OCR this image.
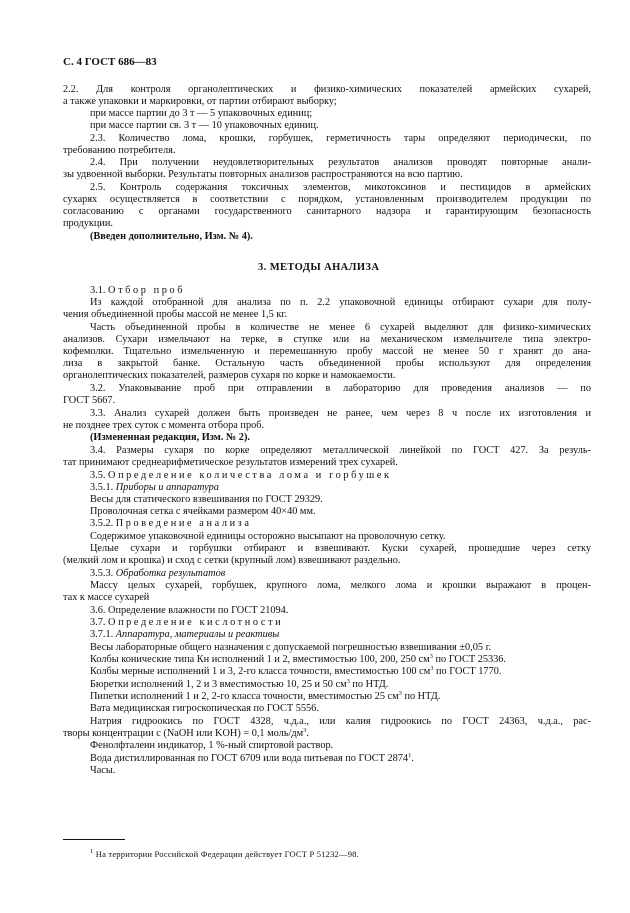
С. 4 ГОСТ 686—83
2.2. Для контроля органолептических и физико-химических показателей армейских сухарей,
а также упаковки и маркировки, от партии отбирают выборку;
при массе партии до 3 т — 5 упаковочных единиц;
при массе партии св. 3 т — 10 упаковочных единиц.
2.3. Количество лома, крошки, горбушек, герметичность тары определяют периодически, по
требованию потребителя.
2.4. При получении неудовлетворительных результатов анализов проводят повторные анали-
зы удвоенной выборки. Результаты повторных анализов распространяются на всю партию.
2.5. Контроль содержания токсичных элементов, микотоксинов и пестицидов в армейских
сухарях осуществляется в соответствии с порядком, установленным производителем продукции по
согласованию с органами государственного санитарного надзора и гарантирующим безопасность
продукции.
(Введен дополнительно, Изм. № 4).
3. МЕТОДЫ АНАЛИЗА
3.1. Отбор проб
Из каждой отобранной для анализа по п. 2.2 упаковочной единицы отбирают сухари для полу-
чения объединенной пробы массой не менее 1,5 кг.
Часть объединенной пробы в количестве не менее 6 сухарей выделяют для физико-химических
анализов. Сухари измельчают на терке, в ступке или на механическом измельчителе типа электро-
кофемолки. Тщательно измельченную и перемешанную пробу массой не менее 50 г хранят до ана-
лиза в закрытой банке. Остальную часть объединенной пробы используют для определения
органолептических показателей, размеров сухаря по корке и намокаемости.
3.2. Упаковывание проб при отправлении в лабораторию для проведения анализов — по
ГОСТ 5667.
3.3. Анализ сухарей должен быть произведен не ранее, чем через 8 ч после их изготовления и
не позднее трех суток с момента отбора проб.
(Измененная редакция, Изм. № 2).
3.4. Размеры сухаря по корке определяют металлической линейкой по ГОСТ 427. За резуль-
тат принимают среднеарифметическое результатов измерений трех сухарей.
3.5. Определение количества лома и горбушек
3.5.1. Приборы и аппаратура
Весы для статического взвешивания по ГОСТ 29329.
Проволочная сетка с ячейками размером 40×40 мм.
3.5.2. Проведение анализа
Содержимое упаковочной единицы осторожно высыпают на проволочную сетку.
Целые сухари и горбушки отбирают и взвешивают. Куски сухарей, прошедшие через сетку
(мелкий лом и крошка) и сход с сетки (крупный лом) взвешивают раздельно.
3.5.3. Обработка результатов
Массу целых сухарей, горбушек, крупного лома, мелкого лома и крошки выражают в процен-
тах к массе сухарей
3.6. Определение влажности по ГОСТ 21094.
3.7. Определение кислотности
3.7.1. Аппаратура, материалы и реактивы
Весы лабораторные общего назначения с допускаемой погрешностью взвешивания ±0,05 г.
Колбы конические типа Кн исполнений 1 и 2, вместимостью 100, 200, 250 $см^3$ по ГОСТ 25336.
Колбы мерные исполнений 1 и 3, 2-го класса точности, вместимостью 100 $см^3$ по ГОСТ 1770.
Бюретки исполнений 1, 2 и 3 вместимостью 10, 25 и 50 $см^3$ по НТД.
Пипетки исполнений 1 и 2, 2-го класса точности, вместимостью 25 $см^3$ по НТД.
Вата медицинская гигроскопическая по ГОСТ 5556.
Натрия гидроокись по ГОСТ 4328, ч.д.а., или калия гидроокись по ГОСТ 24363, ч.д.а., рас-
творы концентрации с (NaOH или KOH) = 0,1 моль/$дм^3$.
Фенолфталеин индикатор, 1 %-ный спиртовой раствор.
Вода дистиллированная по ГОСТ 6709 или вода питьевая по ГОСТ 2874$^1$.
Часы.
$^1$ На территории Российской Федерации действует ГОСТ Р 51232—98.
